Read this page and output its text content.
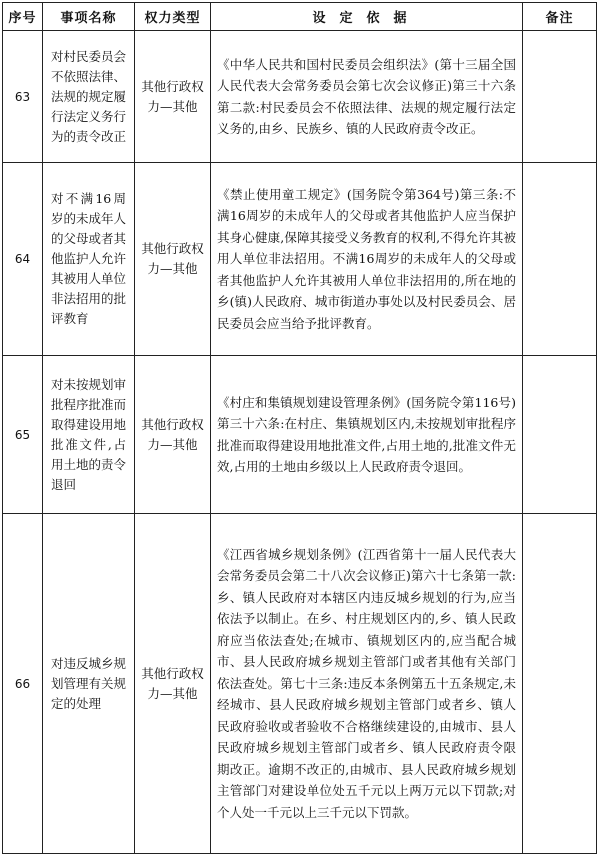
序号	事项名称	权力类型	设定依据	备注
63	对村民委员会不依照法律、法规的规定履行法定义务行为的责令改正	其他行政权力—其他	《中华人民共和国村民委员会组织法》(第十三届全国人民代表大会常务委员会第七次会议修正)第三十六条第二款:村民委员会不依照法律、法规的规定履行法定义务的,由乡、民族乡、镇的人民政府责令改正。	
64	对不满16周岁的未成年人的父母或者其他监护人允许其被用人单位非法招用的批评教育	其他行政权力—其他	《禁止使用童工规定》(国务院令第364号)第三条:不满16周岁的未成年人的父母或者其他监护人应当保护其身心健康,保障其接受义务教育的权利,不得允许其被用人单位非法招用。不满16周岁的未成年人的父母或者其他监护人允许其被用人单位非法招用的,所在地的乡(镇)人民政府、城市街道办事处以及村民委员会、居民委员会应当给予批评教育。	
65	对未按规划审批程序批准而取得建设用地批准文件,占用土地的责令退回	其他行政权力—其他	《村庄和集镇规划建设管理条例》(国务院令第116号)第三十六条:在村庄、集镇规划区内,未按规划审批程序批准而取得建设用地批准文件,占用土地的,批准文件无效,占用的土地由乡级以上人民政府责令退回。	
66	对违反城乡规划管理有关规定的处理	其他行政权力—其他	《江西省城乡规划条例》(江西省第十一届人民代表大会常务委员会第二十八次会议修正)第六十七条第一款:乡、镇人民政府对本辖区内违反城乡规划的行为,应当依法予以制止。在乡、村庄规划区内的,乡、镇人民政府应当依法查处;在城市、镇规划区内的,应当配合城市、县人民政府城乡规划主管部门或者其他有关部门依法查处。第七十三条:违反本条例第五十五条规定,未经城市、县人民政府城乡规划主管部门或者乡、镇人民政府验收或者验收不合格继续建设的,由城市、县人民政府城乡规划主管部门或者乡、镇人民政府责令限期改正。逾期不改正的,由城市、县人民政府城乡规划主管部门对建设单位处五千元以上两万元以下罚款;对个人处一千元以上三千元以下罚款。	
